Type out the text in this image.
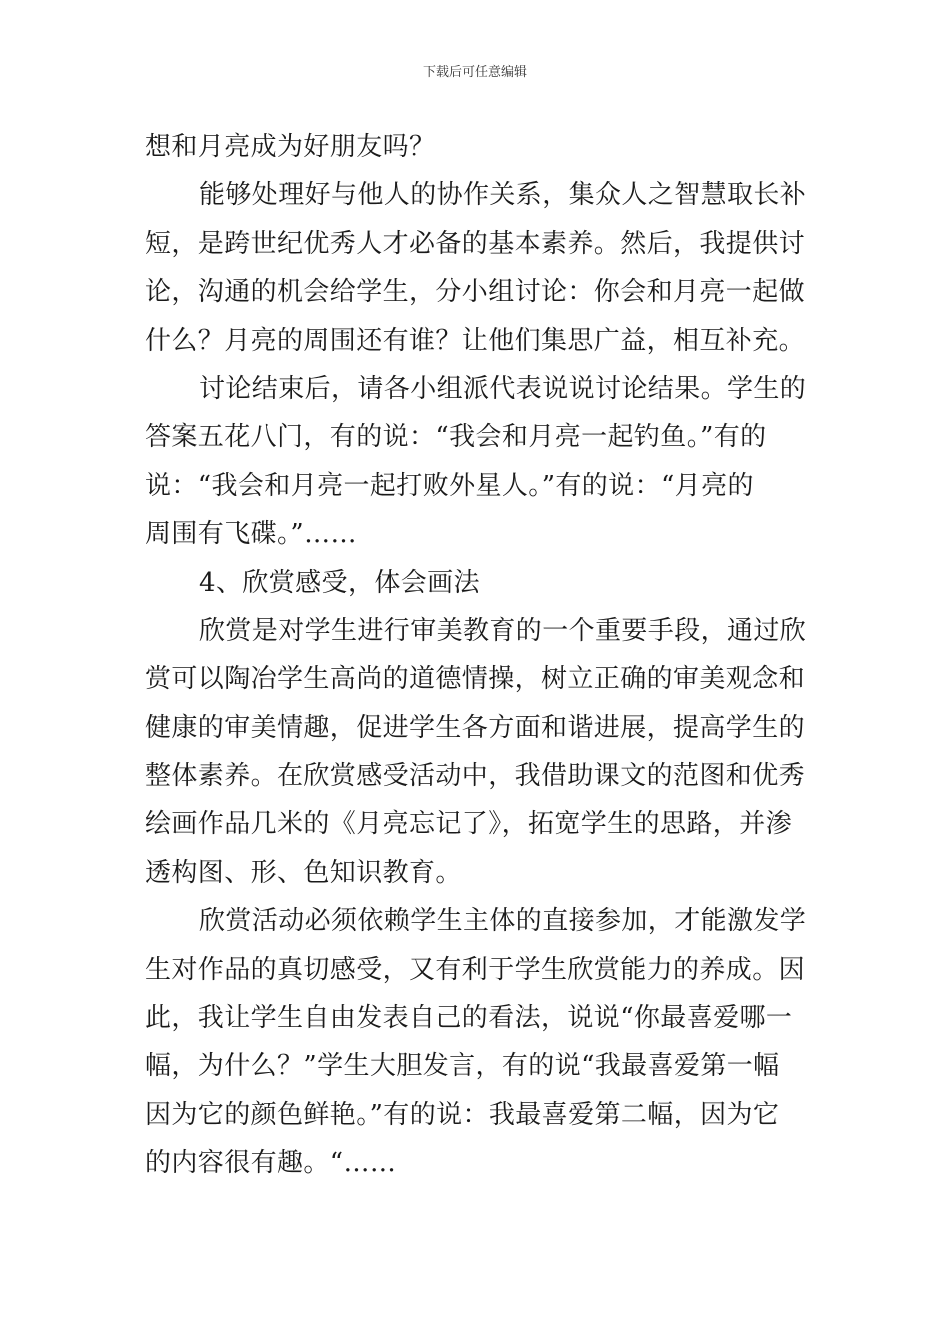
下载后可任意编辑
想和月亮成为好朋友吗？
能够处理好与他人的协作关系，集众人之智慧取长补
短，是跨世纪优秀人才必备的基本素养。然后，我提供讨
论，沟通的机会给学生，分小组讨论：你会和月亮一起做
什么？月亮的周围还有谁？让他们集思广益，相互补充。
讨论结束后，请各小组派代表说说讨论结果。学生的
答案五花八门，有的说：“我会和月亮一起钓鱼。”有的
说：“我会和月亮一起打败外星人。”有的说：“月亮的
周围有飞碟。”……
4、欣赏感受，体会画法
欣赏是对学生进行审美教育的一个重要手段，通过欣
赏可以陶冶学生高尚的道德情操，树立正确的审美观念和
健康的审美情趣，促进学生各方面和谐进展，提高学生的
整体素养。在欣赏感受活动中，我借助课文的范图和优秀
绘画作品几米的《月亮忘记了》，拓宽学生的思路，并渗
透构图、形、色知识教育。
欣赏活动必须依赖学生主体的直接参加，才能激发学
生对作品的真切感受，又有利于学生欣赏能力的养成。因
此，我让学生自由发表自己的看法，说说“你最喜爱哪一
幅，为什么？”学生大胆发言，有的说“我最喜爱第一幅
因为它的颜色鲜艳。”有的说：我最喜爱第二幅，因为它
的内容很有趣。“……
